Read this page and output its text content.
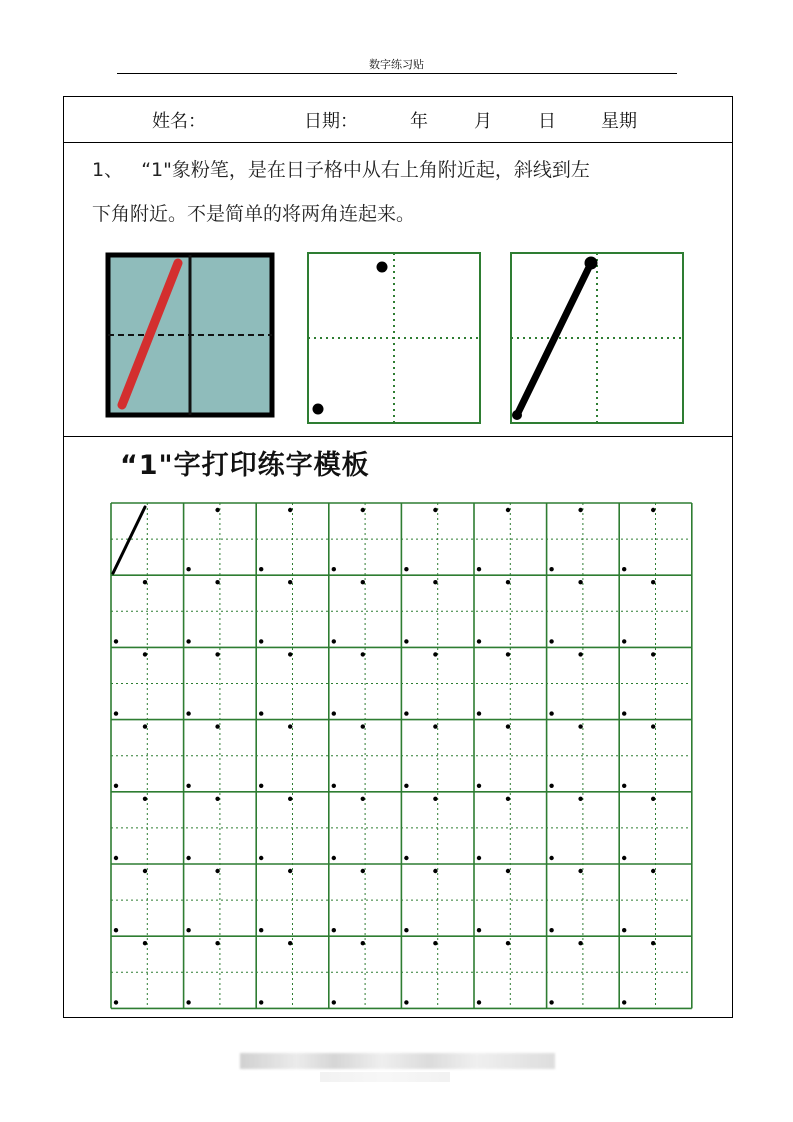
数字练习贴
姓名：	日期：	年	月	日	星期
1、 “1"象粉笔，是在日子格中从右上角附近起，斜线到左
下角附近。不是简单的将两角连起来。
“1"字打印练字模板
